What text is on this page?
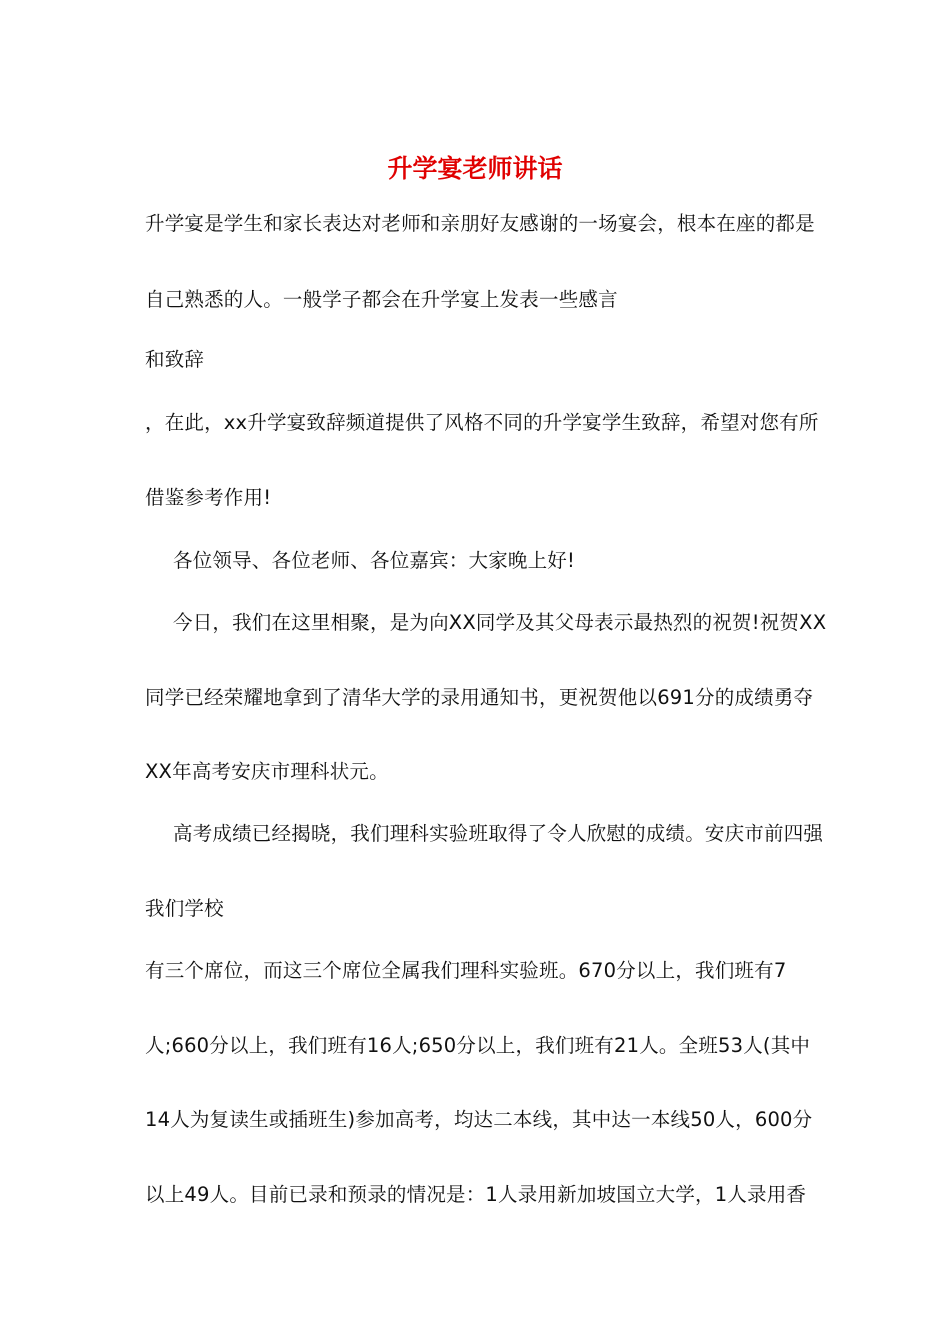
升学宴老师讲话
升学宴是学生和家长表达对老师和亲朋好友感谢的一场宴会，根本在座的都是
自己熟悉的人。一般学子都会在升学宴上发表一些感言
和致辞
，在此，xx升学宴致辞频道提供了风格不同的升学宴学生致辞，希望对您有所
借鉴参考作用!
各位领导、各位老师、各位嘉宾：大家晚上好!
今日，我们在这里相聚，是为向XX同学及其父母表示最热烈的祝贺!祝贺XX
同学已经荣耀地拿到了清华大学的录用通知书，更祝贺他以691分的成绩勇夺
XX年高考安庆市理科状元。
高考成绩已经揭晓，我们理科实验班取得了令人欣慰的成绩。安庆市前四强
我们学校
有三个席位，而这三个席位全属我们理科实验班。670分以上，我们班有7
人;660分以上，我们班有16人;650分以上，我们班有21人。全班53人(其中
14人为复读生或插班生)参加高考，均达二本线，其中达一本线50人，600分
以上49人。目前已录和预录的情况是：1人录用新加坡国立大学，1人录用香
